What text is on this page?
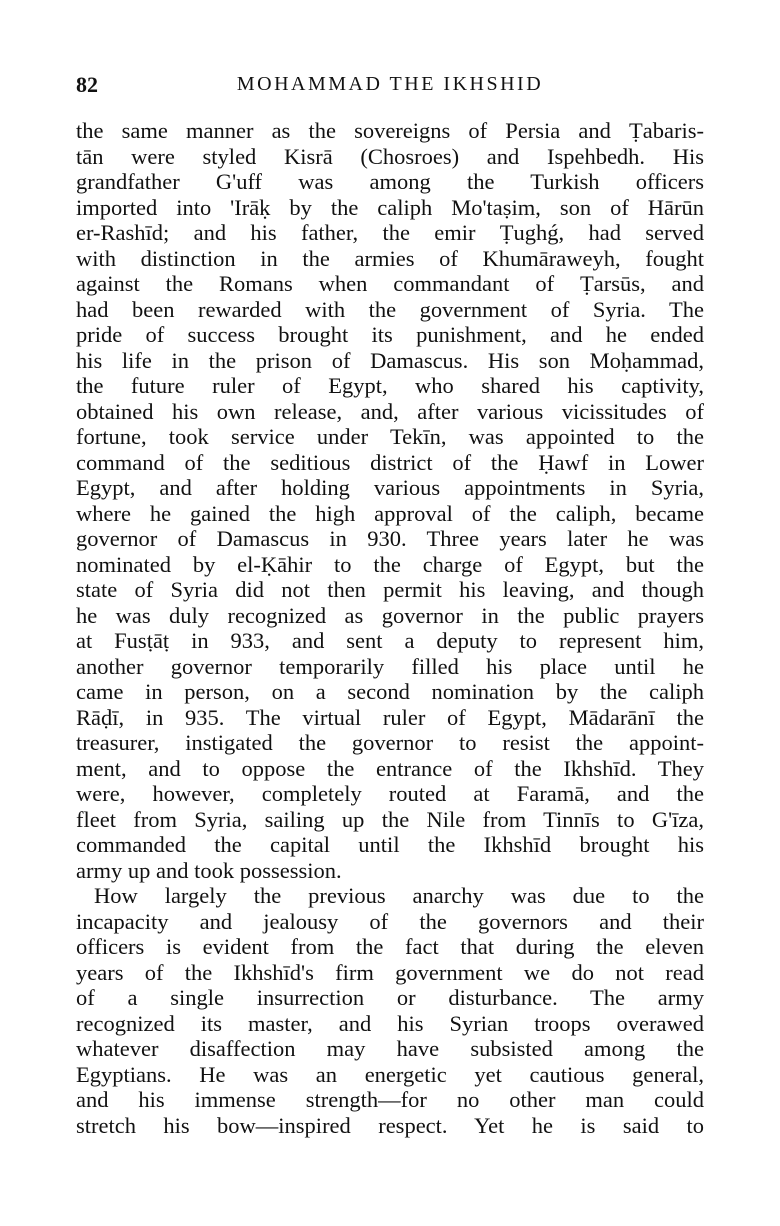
82	MOHAMMAD THE IKHSHID
the same manner as the sovereigns of Persia and Ṭabaris-
tān were styled Kisrā (Chosroes) and Ispehbedh. His
grandfather G'uff was among the Turkish officers
imported into 'Irāḳ by the caliph Mo'taṣim, son of Hārūn
er-Rashīd; and his father, the emir Ṭughǵ, had served
with distinction in the armies of Khumāraweyh, fought
against the Romans when commandant of Ṭarsūs, and
had been rewarded with the government of Syria. The
pride of success brought its punishment, and he ended
his life in the prison of Damascus. His son Moḥammad,
the future ruler of Egypt, who shared his captivity,
obtained his own release, and, after various vicissitudes of
fortune, took service under Tekīn, was appointed to the
command of the seditious district of the Ḥawf in Lower
Egypt, and after holding various appointments in Syria,
where he gained the high approval of the caliph, became
governor of Damascus in 930. Three years later he was
nominated by el-Ḳāhir to the charge of Egypt, but the
state of Syria did not then permit his leaving, and though
he was duly recognized as governor in the public prayers
at Fusṭāṭ in 933, and sent a deputy to represent him,
another governor temporarily filled his place until he
came in person, on a second nomination by the caliph
Rāḍī, in 935. The virtual ruler of Egypt, Mādarānī the
treasurer, instigated the governor to resist the appoint-
ment, and to oppose the entrance of the Ikhshīd. They
were, however, completely routed at Faramā, and the
fleet from Syria, sailing up the Nile from Tinnīs to G'īza,
commanded the capital until the Ikhshīd brought his
army up and took possession.
How largely the previous anarchy was due to the
incapacity and jealousy of the governors and their
officers is evident from the fact that during the eleven
years of the Ikhshīd's firm government we do not read
of a single insurrection or disturbance. The army
recognized its master, and his Syrian troops overawed
whatever disaffection may have subsisted among the
Egyptians. He was an energetic yet cautious general,
and his immense strength—for no other man could
stretch his bow—inspired respect. Yet he is said to
